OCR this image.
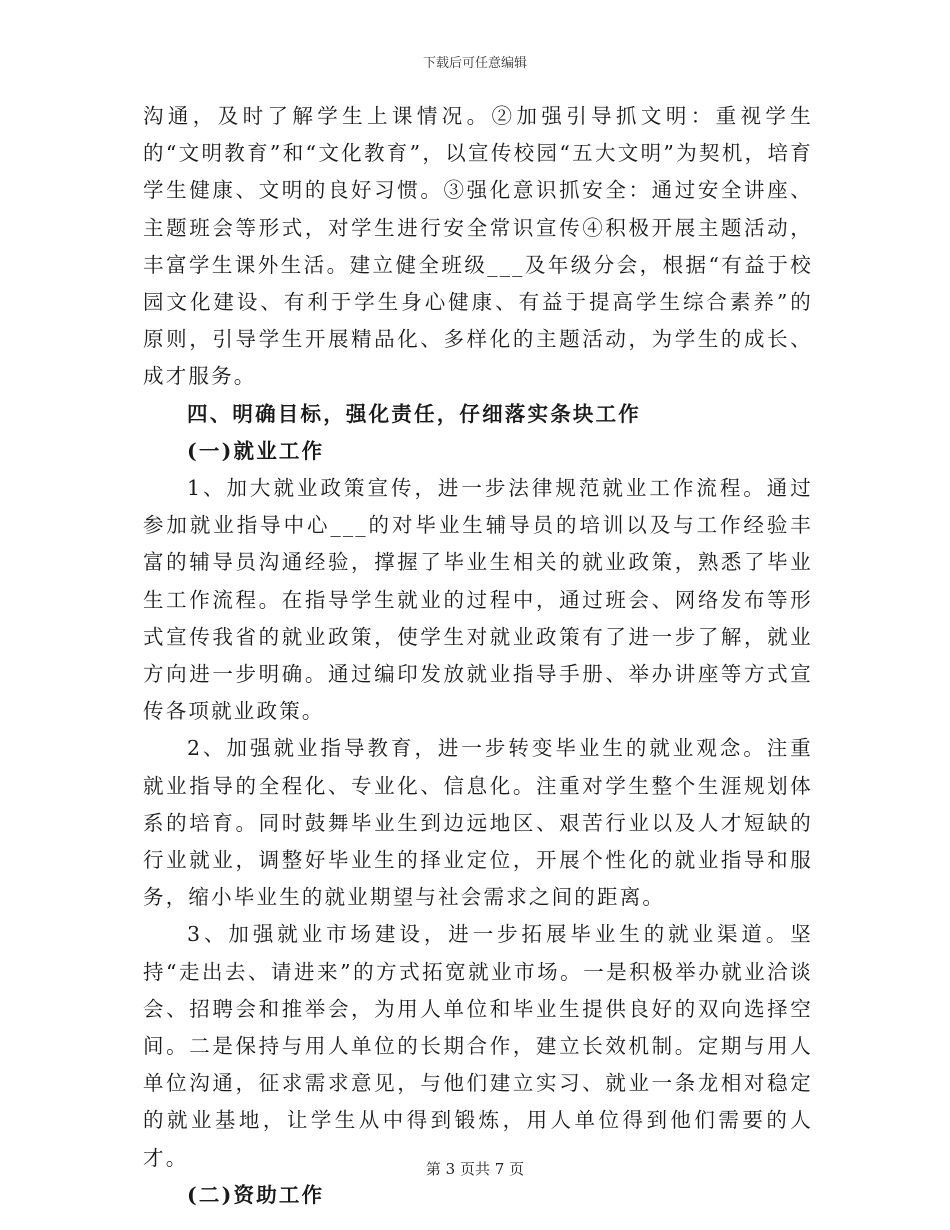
下载后可任意编辑

沟通，及时了解学生上课情况。②加强引导抓文明：重视学生的“文明教育”和“文化教育”，以宣传校园“五大文明”为契机，培育学生健康、文明的良好习惯。③强化意识抓安全：通过安全讲座、主题班会等形式，对学生进行安全常识宣传④积极开展主题活动，丰富学生课外生活。建立健全班级___及年级分会，根据“有益于校园文化建设、有利于学生身心健康、有益于提高学生综合素养”的原则，引导学生开展精品化、多样化的主题活动，为学生的成长、成才服务。

四、明确目标，强化责任，仔细落实条块工作

(一)就业工作

1、加大就业政策宣传，进一步法律规范就业工作流程。通过参加就业指导中心___的对毕业生辅导员的培训以及与工作经验丰富的辅导员沟通经验，撑握了毕业生相关的就业政策，熟悉了毕业生工作流程。在指导学生就业的过程中，通过班会、网络发布等形式宣传我省的就业政策，使学生对就业政策有了进一步了解，就业方向进一步明确。通过编印发放就业指导手册、举办讲座等方式宣传各项就业政策。

2、加强就业指导教育，进一步转变毕业生的就业观念。注重就业指导的全程化、专业化、信息化。注重对学生整个生涯规划体系的培育。同时鼓舞毕业生到边远地区、艰苦行业以及人才短缺的行业就业，调整好毕业生的择业定位，开展个性化的就业指导和服务，缩小毕业生的就业期望与社会需求之间的距离。

3、加强就业市场建设，进一步拓展毕业生的就业渠道。坚持“走出去、请进来”的方式拓宽就业市场。一是积极举办就业洽谈会、招聘会和推举会，为用人单位和毕业生提供良好的双向选择空间。二是保持与用人单位的长期合作，建立长效机制。定期与用人单位沟通，征求需求意见，与他们建立实习、就业一条龙相对稳定的就业基地，让学生从中得到锻炼，用人单位得到他们需要的人才。

(二)资助工作

第 3 页共 7 页
